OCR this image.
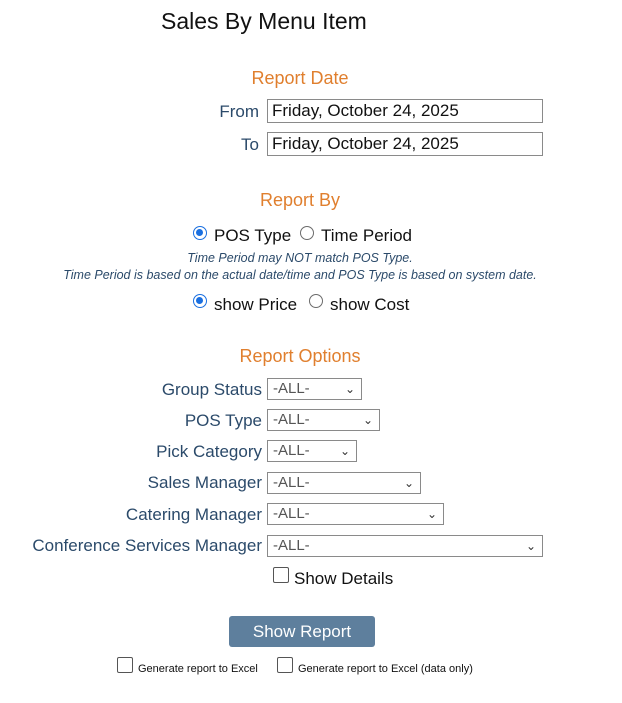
Sales By Menu Item
Report Date
From
Friday, October 24, 2025
To
Friday, October 24, 2025
Report By
POS Type Time Period
Time Period may NOT match POS Type.
Time Period is based on the actual date/time and POS Type is based on system date.
show Price show Cost
Report Options
Group Status -ALL-	⌄
POS Type -ALL-	⌄
Pick Category -ALL-	⌄
Sales Manager -ALL-	⌄
Catering Manager -ALL-	⌄
Conference Services Manager -ALL-	⌄
Show Details
Show Report
Generate report to Excel	Generate report to Excel (data only)
